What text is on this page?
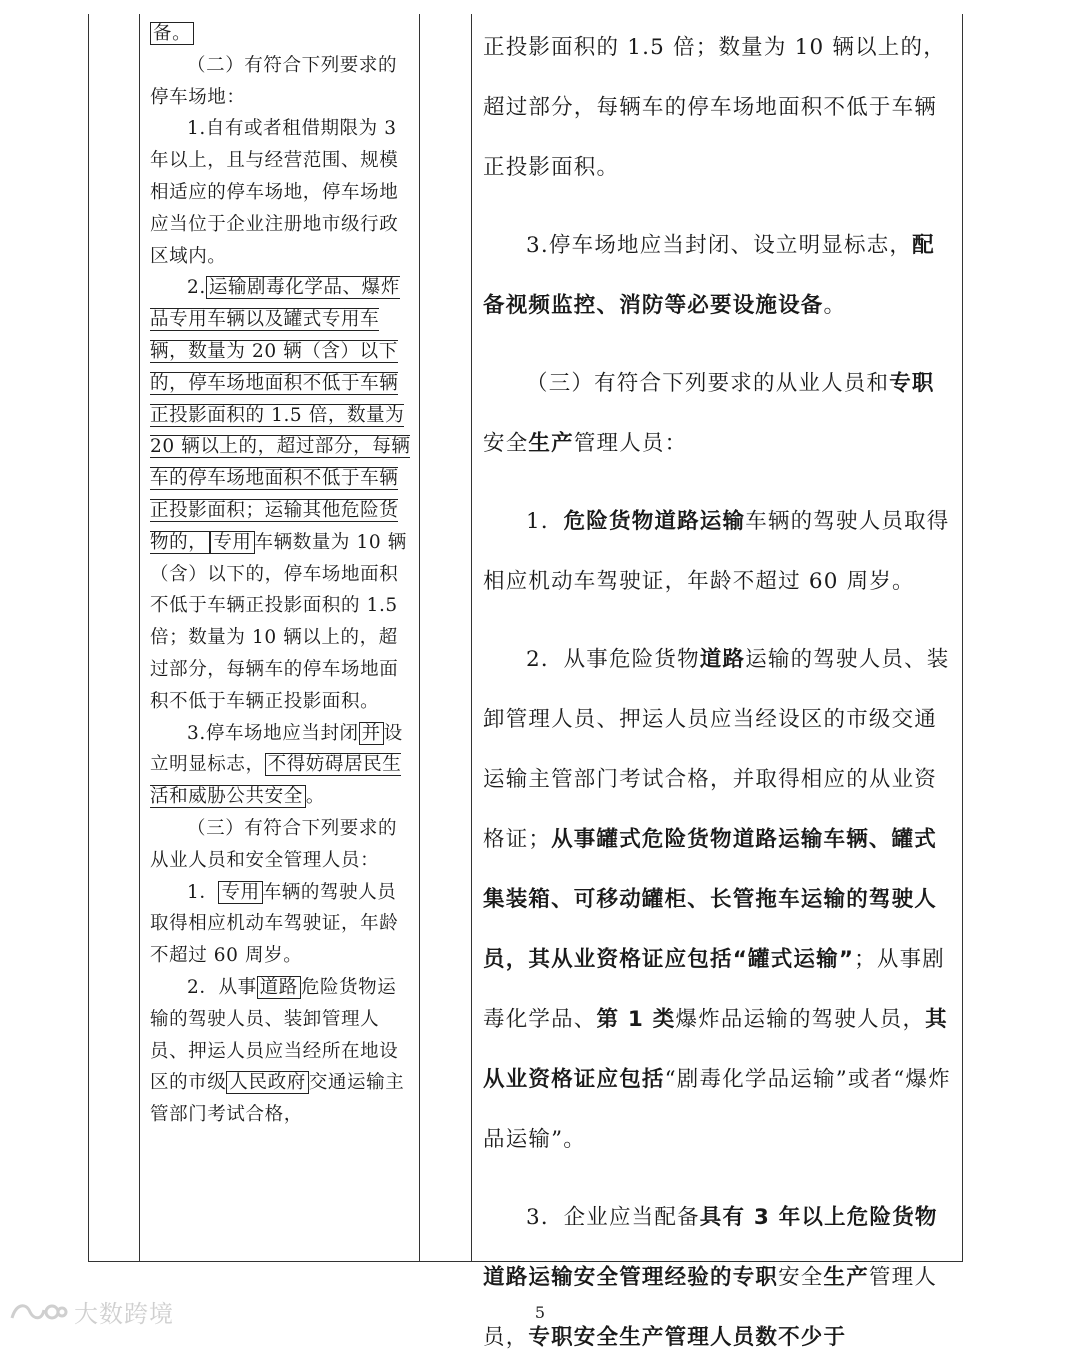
备。
（二）有符合下列要求的停车场地：
1.自有或者租借期限为 3 年以上，且与经营范围、规模相适应的停车场地，停车场地应当位于企业注册地市级行政区域内。
2. 运输剧毒化学品、爆炸品专用车辆以及罐式专用车辆，数量为 20 辆（含）以下的，停车场地面积不低于车辆正投影面积的 1.5 倍，数量为 20 辆以上的，超过部分，每辆车的停车场地面积不低于车辆正投影面积；运输其他危险货物的， 专用 车辆数量为 10 辆（含）以下的，停车场地面积不低于车辆正投影面积的 1.5 倍；数量为 10 辆以上的，超过部分，每辆车的停车场地面积不低于车辆正投影面积。
3.停车场地应当封闭 并 设立明显标志， 不得妨碍居民生活和威胁公共安全 。
（三）有符合下列要求的从业人员和安全管理人员：
1． 专用 车辆的驾驶人员取得相应机动车驾驶证，年龄不超过 60 周岁。
2．从事 道路 危险货物运输的驾驶人员、装卸管理人员、押运人员应当经所在地设区的市级 人民政府 交通运输主管部门考试合格，
正投影面积的 1.5 倍；数量为 10 辆以上的，超过部分，每辆车的停车场地面积不低于车辆正投影面积。
3.停车场地应当封闭、设立明显标志，配备视频监控、消防等必要设施设备。
（三）有符合下列要求的从业人员和专职安全生产管理人员：
1．危险货物道路运输车辆的驾驶人员取得相应机动车驾驶证，年龄不超过 60 周岁。
2．从事危险货物道路运输的驾驶人员、装卸管理人员、押运人员应当经设区的市级交通运输主管部门考试合格，并取得相应的从业资格证；从事罐式危险货物道路运输车辆、罐式集装箱、可移动罐柜、长管拖车运输的驾驶人员，其从业资格证应包括“罐式运输”；从事剧毒化学品、第 1 类爆炸品运输的驾驶人员，其从业资格证应包括“剧毒化学品运输”或者“爆炸品运输”。
3．企业应当配备具有 3 年以上危险货物道路运输安全管理经验的专职安全生产管理人员，专职安全生产管理人员数不少于
大数跨境	5
